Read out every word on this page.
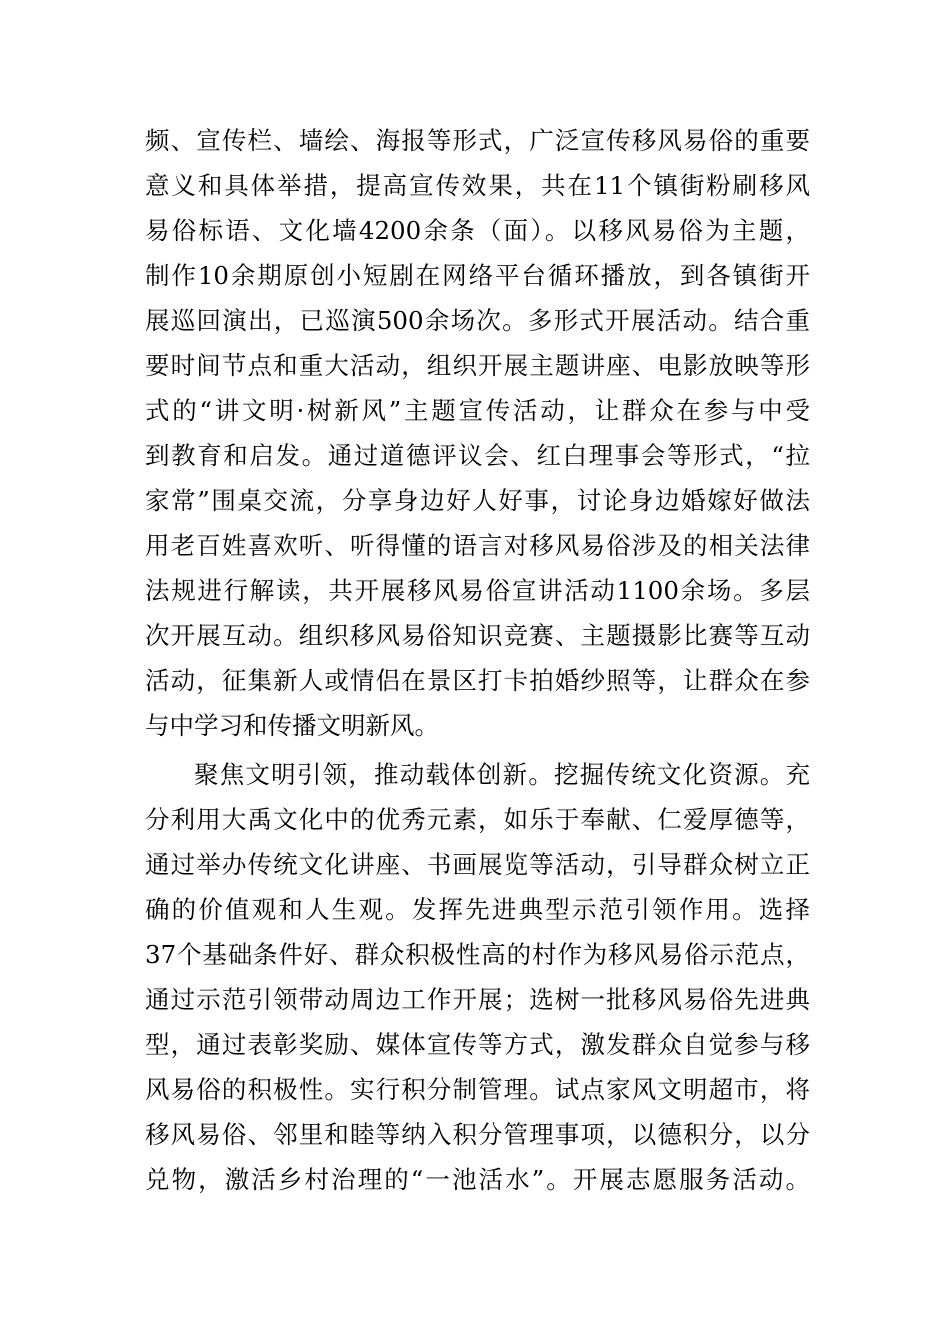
频、宣传栏、墙绘、海报等形式，广泛宣传移风易俗的重要
意义和具体举措，提高宣传效果，共在11个镇街粉刷移风
易俗标语、文化墙4200余条（面）。以移风易俗为主题，
制作10余期原创小短剧在网络平台循环播放，到各镇街开
展巡回演出，已巡演500余场次。多形式开展活动。结合重
要时间节点和重大活动，组织开展主题讲座、电影放映等形
式的“讲文明·树新风”主题宣传活动，让群众在参与中受
到教育和启发。通过道德评议会、红白理事会等形式，“拉
家常”围桌交流，分享身边好人好事，讨论身边婚嫁好做法
用老百姓喜欢听、听得懂的语言对移风易俗涉及的相关法律
法规进行解读，共开展移风易俗宣讲活动1100余场。多层
次开展互动。组织移风易俗知识竞赛、主题摄影比赛等互动
活动，征集新人或情侣在景区打卡拍婚纱照等，让群众在参
与中学习和传播文明新风。
聚焦文明引领，推动载体创新。挖掘传统文化资源。充
分利用大禹文化中的优秀元素，如乐于奉献、仁爱厚德等，
通过举办传统文化讲座、书画展览等活动，引导群众树立正
确的价值观和人生观。发挥先进典型示范引领作用。选择
37个基础条件好、群众积极性高的村作为移风易俗示范点，
通过示范引领带动周边工作开展；选树一批移风易俗先进典
型，通过表彰奖励、媒体宣传等方式，激发群众自觉参与移
风易俗的积极性。实行积分制管理。试点家风文明超市，将
移风易俗、邻里和睦等纳入积分管理事项，以德积分，以分
兑物，激活乡村治理的“一池活水”。开展志愿服务活动。
